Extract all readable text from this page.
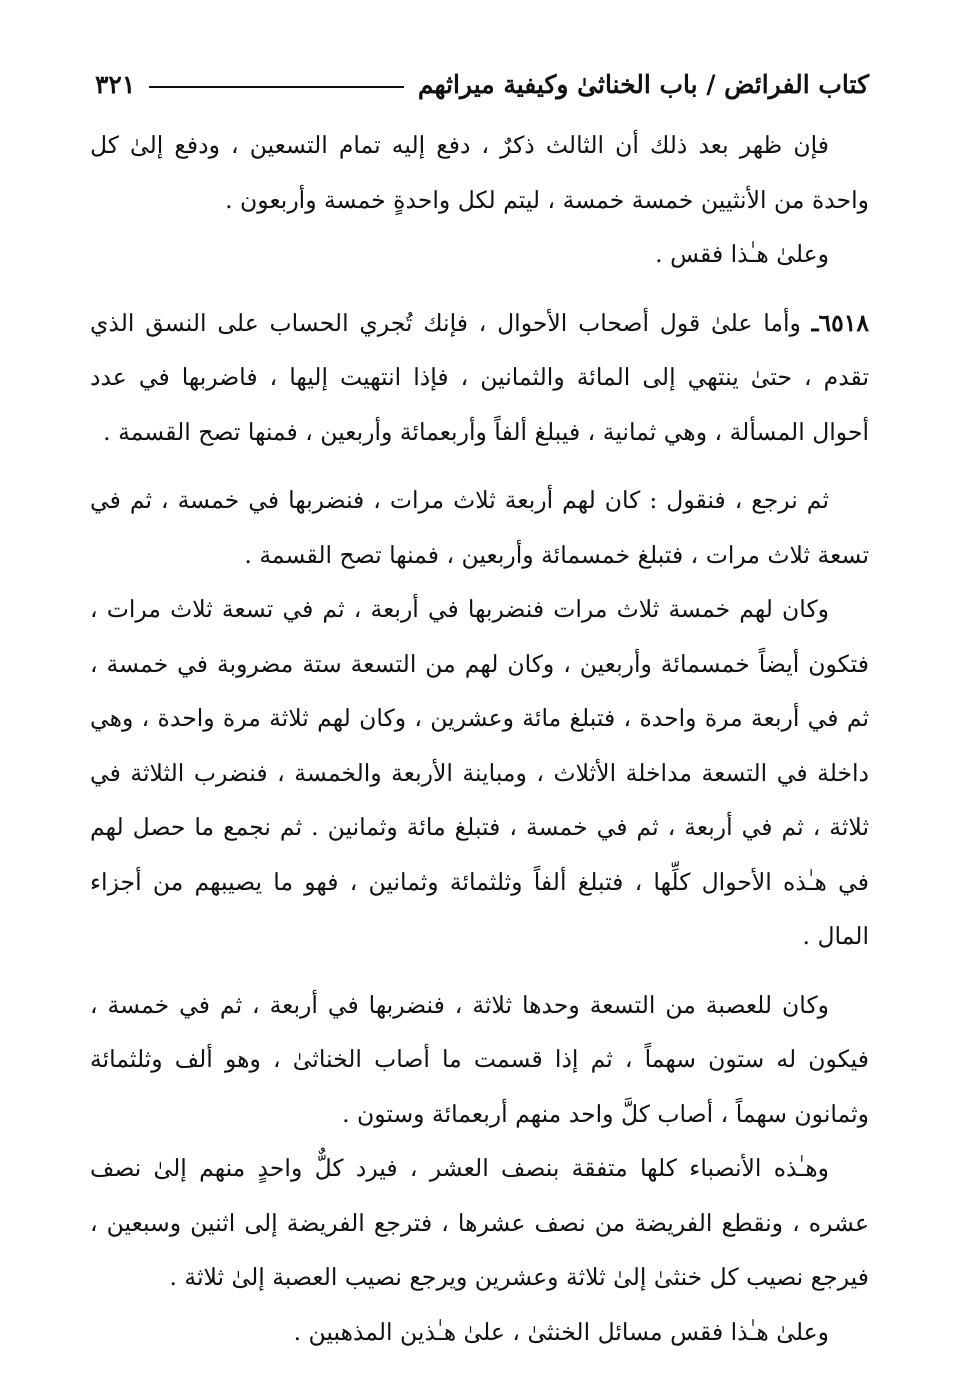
كتاب الفرائض / باب الخناثىٰ وكيفية ميراثهم
٣٢١

فإن ظهر بعد ذلك أن الثالث ذكرٌ ، دفع إليه تمام التسعين ، ودفع إلىٰ كل واحدة من الأنثيين خمسة خمسة ، ليتم لكل واحدةٍ خمسة وأربعون .

وعلىٰ هـٰذا فقس .

٦٥١٨ـ وأما علىٰ قول أصحاب الأحوال ، فإنك تُجري الحساب على النسق الذي تقدم ، حتىٰ ينتهي إلى المائة والثمانين ، فإذا انتهيت إليها ، فاضربها في عدد أحوال المسألة ، وهي ثمانية ، فيبلغ ألفاً وأربعمائة وأربعين ، فمنها تصح القسمة .

ثم نرجع ، فنقول : كان لهم أربعة ثلاث مرات ، فنضربها في خمسة ، ثم في تسعة ثلاث مرات ، فتبلغ خمسمائة وأربعين ، فمنها تصح القسمة .

وكان لهم خمسة ثلاث مرات فنضربها في أربعة ، ثم في تسعة ثلاث مرات ، فتكون أيضاً خمسمائة وأربعين ، وكان لهم من التسعة ستة مضروبة في خمسة ، ثم في أربعة مرة واحدة ، فتبلغ مائة وعشرين ، وكان لهم ثلاثة مرة واحدة ، وهي داخلة في التسعة مداخلة الأثلاث ، ومباينة الأربعة والخمسة ، فنضرب الثلاثة في ثلاثة ، ثم في أربعة ، ثم في خمسة ، فتبلغ مائة وثمانين . ثم نجمع ما حصل لهم في هـٰذه الأحوال كلِّها ، فتبلغ ألفاً وثلثمائة وثمانين ، فهو ما يصيبهم من أجزاء المال .

وكان للعصبة من التسعة وحدها ثلاثة ، فنضربها في أربعة ، ثم في خمسة ، فيكون له ستون سهماً ، ثم إذا قسمت ما أصاب الخناثىٰ ، وهو ألف وثلثمائة وثمانون سهماً ، أصاب كلَّ واحد منهم أربعمائة وستون .

وهـٰذه الأنصباء كلها متفقة بنصف العشر ، فيرد كلٌّ واحدٍ منهم إلىٰ نصف عشره ، ونقطع الفريضة من نصف عشرها ، فترجع الفريضة إلى اثنين وسبعين ، فيرجع نصيب كل خنثىٰ إلىٰ ثلاثة وعشرين ويرجع نصيب العصبة إلىٰ ثلاثة .

وعلىٰ هـٰذا فقس مسائل الخنثىٰ ، علىٰ هـٰذين المذهبين .
